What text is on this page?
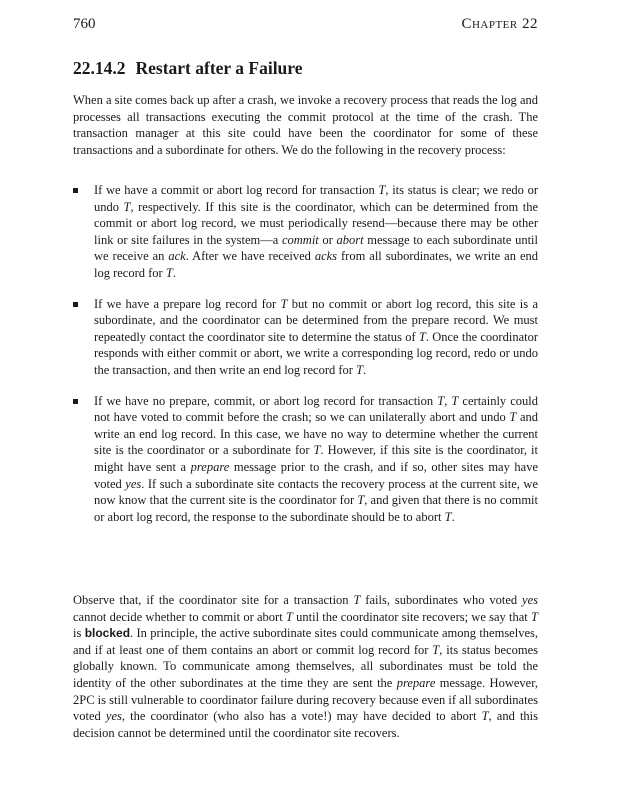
760	Chapter 22
22.14.2 Restart after a Failure

When a site comes back up after a crash, we invoke a recovery process that reads the log and processes all transactions executing the commit protocol at the time of the crash. The transaction manager at this site could have been the coordinator for some of these transactions and a subordinate for others. We do the following in the recovery process:

If we have a commit or abort log record for transaction T, its status is clear; we redo or undo T, respectively. If this site is the coordinator, which can be determined from the commit or abort log record, we must periodically resend—because there may be other link or site failures in the system—a commit or abort message to each subordinate until we receive an ack. After we have received acks from all subordinates, we write an end log record for T.

If we have a prepare log record for T but no commit or abort log record, this site is a subordinate, and the coordinator can be determined from the prepare record. We must repeatedly contact the coordinator site to determine the status of T. Once the coordinator responds with either commit or abort, we write a corresponding log record, redo or undo the transaction, and then write an end log record for T.

If we have no prepare, commit, or abort log record for transaction T, T certainly could not have voted to commit before the crash; so we can unilaterally abort and undo T and write an end log record. In this case, we have no way to determine whether the current site is the coordinator or a subordinate for T. However, if this site is the coordinator, it might have sent a prepare message prior to the crash, and if so, other sites may have voted yes. If such a subordinate site contacts the recovery process at the current site, we now know that the current site is the coordinator for T, and given that there is no commit or abort log record, the response to the subordinate should be to abort T.

Observe that, if the coordinator site for a transaction T fails, subordinates who voted yes cannot decide whether to commit or abort T until the coordinator site recovers; we say that T is blocked. In principle, the active subordinate sites could communicate among themselves, and if at least one of them contains an abort or commit log record for T, its status becomes globally known. To communicate among themselves, all subordinates must be told the identity of the other subordinates at the time they are sent the prepare message. However, 2PC is still vulnerable to coordinator failure during recovery because even if all subordinates voted yes, the coordinator (who also has a vote!) may have decided to abort T, and this decision cannot be determined until the coordinator site recovers.
